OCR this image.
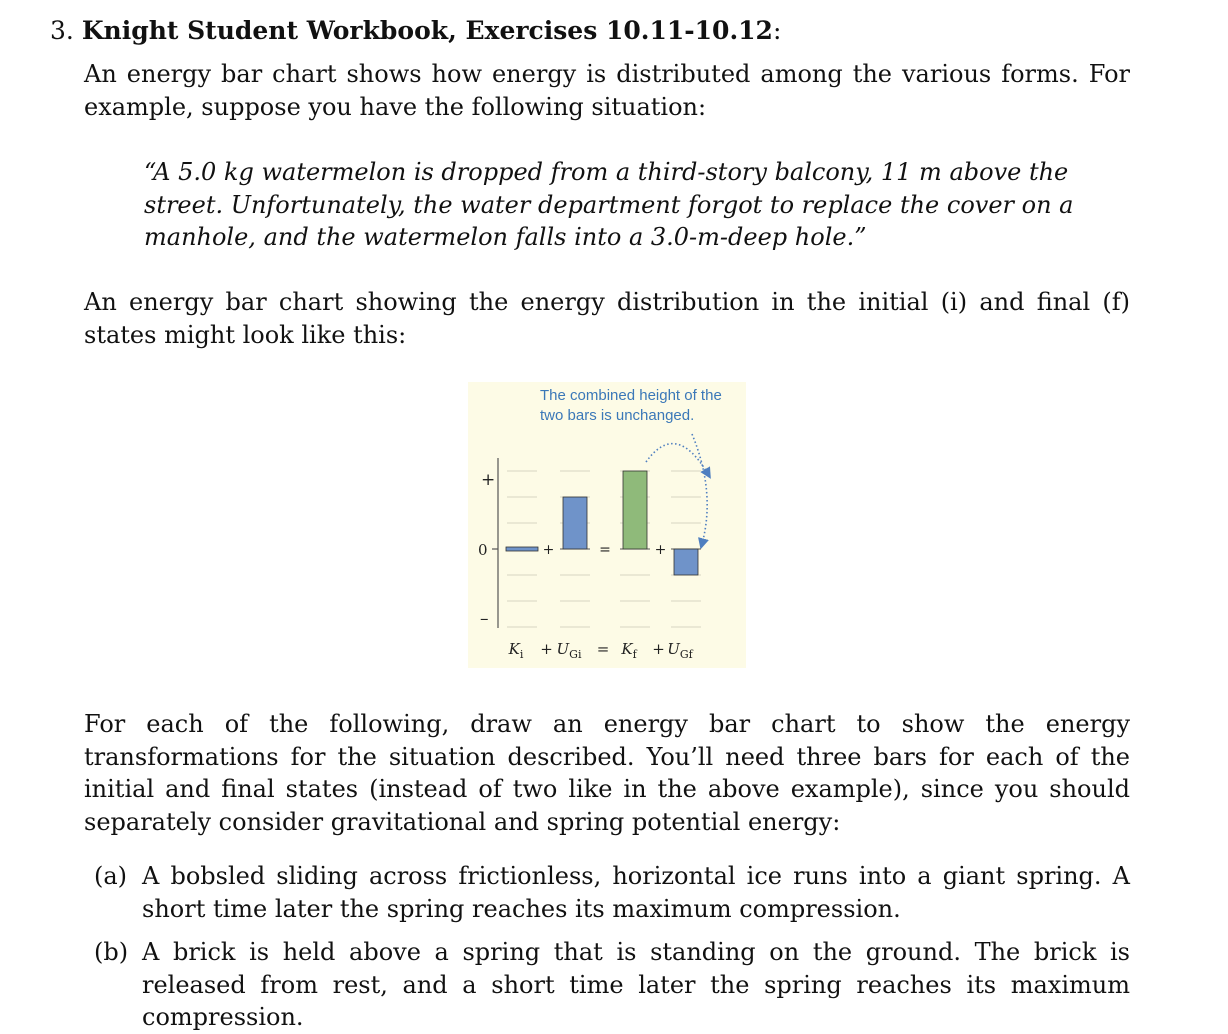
3. Knight Student Workbook, Exercises 10.11-10.12:
An energy bar chart shows how energy is distributed among the various forms. For example, suppose you have the following situation:
“A 5.0 kg watermelon is dropped from a third-story balcony, 11 m above the street. Unfortunately, the water department forgot to replace the cover on a manhole, and the watermelon falls into a 3.0-m-deep hole.”
An energy bar chart showing the energy distribution in the initial (i) and final (f) states might look like this:
The combined height of the
two bars is unchanged.
+
0
–
+	=	+
$K_i$ $U_{Gi}$	$K_f$ $U_{Gf}$
+	=	+
For each of the following, draw an energy bar chart to show the energy transformations for the situation described. You’ll need three bars for each of the initial and final states (instead of two like in the above example), since you should separately consider gravitational and spring potential energy:
(a) A bobsled sliding across frictionless, horizontal ice runs into a giant spring. A short time later the spring reaches its maximum compression.
(b) A brick is held above a spring that is standing on the ground. The brick is released from rest, and a short time later the spring reaches its maximum compression.
